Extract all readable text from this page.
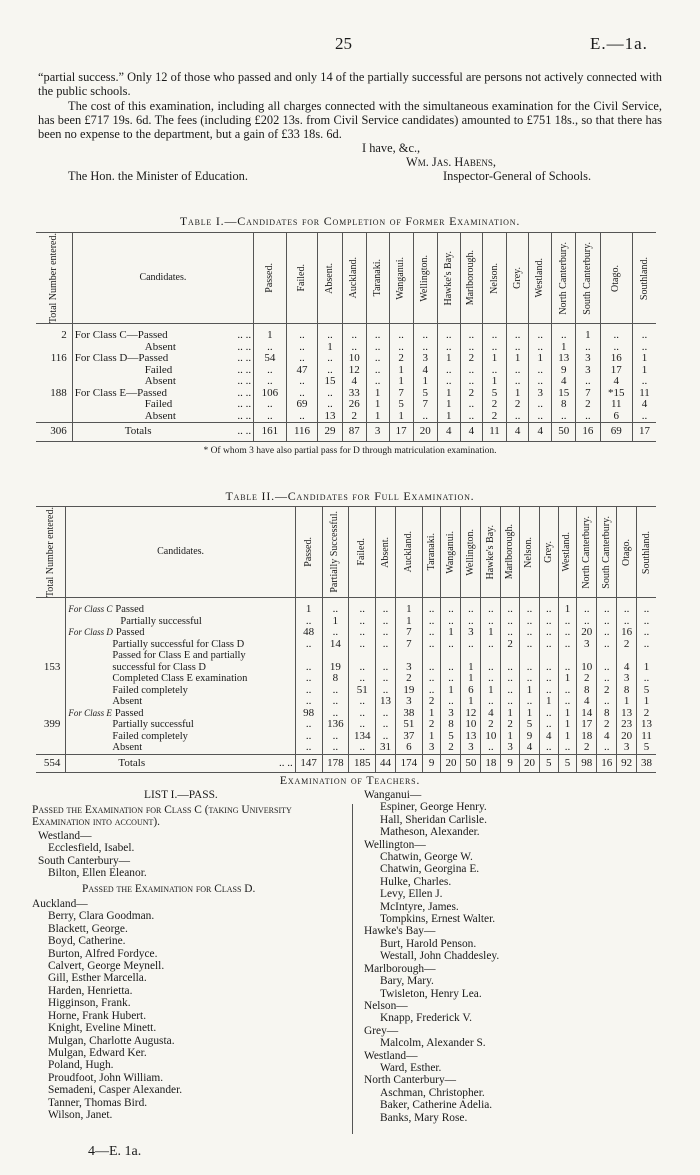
25	E.—1a.
“partial success.” Only 12 of those who passed and only 14 of the partially successful are persons not actively connected with the public schools.
The cost of this examination, including all charges connected with the simultaneous examination for the Civil Service, has been £717 19s. 6d. The fees (including £202 13s. from Civil Service candidates) amounted to £751 18s., so that there has been no expense to the department, but a gain of £33 18s. 6d.
I have, &c.,
Wm. Jas. Habens,
The Hon. the Minister of Education.	Inspector-General of Schools.
Table I.—Candidates for Completion of Former Examination.
Total Number entered.	Candidates.	Passed.	Failed.	Absent.	Auckland.	Taranaki.	Wanganui.	Wellington.	Hawke's Bay.	Marlborough.	Nelson.	Grey.	Westland.	North Canterbury.	South Canterbury.	Otago.	Southland.

2	For Class C—Passed .. ..	1	..	..	..	..	..	..	..	..	..	..	..	..	1	..	..
	Absent .. ..	..	..	1	..	..	..	..	..	..	..	..	..	1	..	..	..
116	For Class D—Passed .. ..	54	..	..	10	..	2	3	1	2	1	1	1	13	3	16	1
	Failed .. ..	..	47	..	12	..	1	4	..	..	..	..	..	9	3	17	1
	Absent .. ..	..	..	15	4	..	1	1	..	..	1	..	..	4	..	4	..
188	For Class E—Passed .. ..	106	..	..	33	1	7	5	1	2	5	1	3	15	7	*15	11
	Failed .. ..	..	69	..	26	1	5	7	1	..	2	2	..	8	2	11	4
	Absent .. ..	..	..	13	2	1	1	..	1	..	2	..	..	..	..	6	..
306	Totals .. ..	161	116	29	87	3	17	20	4	4	11	4	4	50	16	69	17
* Of whom 3 have also partial pass for D through matriculation examination.
Table II.—Candidates for Full Examination.
Total Number entered.	Candidates.	Passed.	Partially Successful.	Failed.	Absent.	Auckland.	Taranaki.	Wanganui.	Wellington.	Hawke's Bay.	Marlborough.	Nelson.	Grey.	Westland.	North Canterbury.	South Canterbury.	Otago.	Southland.

	For Class C Passed	1	..	..	..	1	..	..	..	..	..	..	..	1	..	..	..	..
	Partially successful	..	1	..	..	1	..	..	..	..	..	..	..	..	..	..	..	..
	For Class D Passed	48	..	..	..	7	..	1	3	1	..	..	..	..	20	..	16	..
	Partially successful for Class D	..	14	..	..	7	..	..	..	..	2	..	..	..	3	..	2	..
	Passed for Class E and partially																	
153	successful for Class D	..	19	..	..	3	..	..	1	..	..	..	..	..	10	..	4	1
	Completed Class E examination	..	8	..	..	2	..	..	1	..	..	..	..	1	2	..	3	..
	Failed completely	..	..	51	..	19	..	1	6	1	..	1	..	..	8	2	8	5
	Absent	..	..	..	13	3	2	..	1	..	..	..	1	..	4	..	1	1
	For Class E Passed	98	..	..	..	38	1	3	12	4	1	1	..	1	14	8	13	2
399	Partially successful	..	136	..	..	51	2	8	10	2	2	5	..	1	17	2	23	13
	Failed completely	..	..	134	..	37	1	5	13	10	1	9	4	1	18	4	20	11
	Absent	..	..	..	31	6	3	2	3	..	3	4	..	..	2	..	3	5
554	Totals .. ..	147	178	185	44	174	9	20	50	18	9	20	5	5	98	16	92	38
Examination of Teachers.
LIST I.—PASS.
Passed the Examination for Class C (taking University Examination into account).
Westland—
Ecclesfield, Isabel.
South Canterbury—
Bilton, Ellen Eleanor.
Passed the Examination for Class D.
Auckland—
Berry, Clara Goodman.
Blackett, George.
Boyd, Catherine.
Burton, Alfred Fordyce.
Calvert, George Meynell.
Gill, Esther Marcella.
Harden, Henrietta.
Higginson, Frank.
Horne, Frank Hubert.
Knight, Eveline Minett.
Mulgan, Charlotte Augusta.
Mulgan, Edward Ker.
Poland, Hugh.
Proudfoot, John William.
Semadeni, Casper Alexander.
Tanner, Thomas Bird.
Wilson, Janet.
Wanganui—
Espiner, George Henry.
Hall, Sheridan Carlisle.
Matheson, Alexander.
Wellington—
Chatwin, George W.
Chatwin, Georgina E.
Hulke, Charles.
Levy, Ellen J.
McIntyre, James.
Tompkins, Ernest Walter.
Hawke's Bay—
Burt, Harold Penson.
Westall, John Chaddesley.
Marlborough—
Bary, Mary.
Twisleton, Henry Lea.
Nelson—
Knapp, Frederick V.
Grey—
Malcolm, Alexander S.
Westland—
Ward, Esther.
North Canterbury—
Aschman, Christopher.
Baker, Catherine Adelia.
Banks, Mary Rose.
4—E. 1a.
